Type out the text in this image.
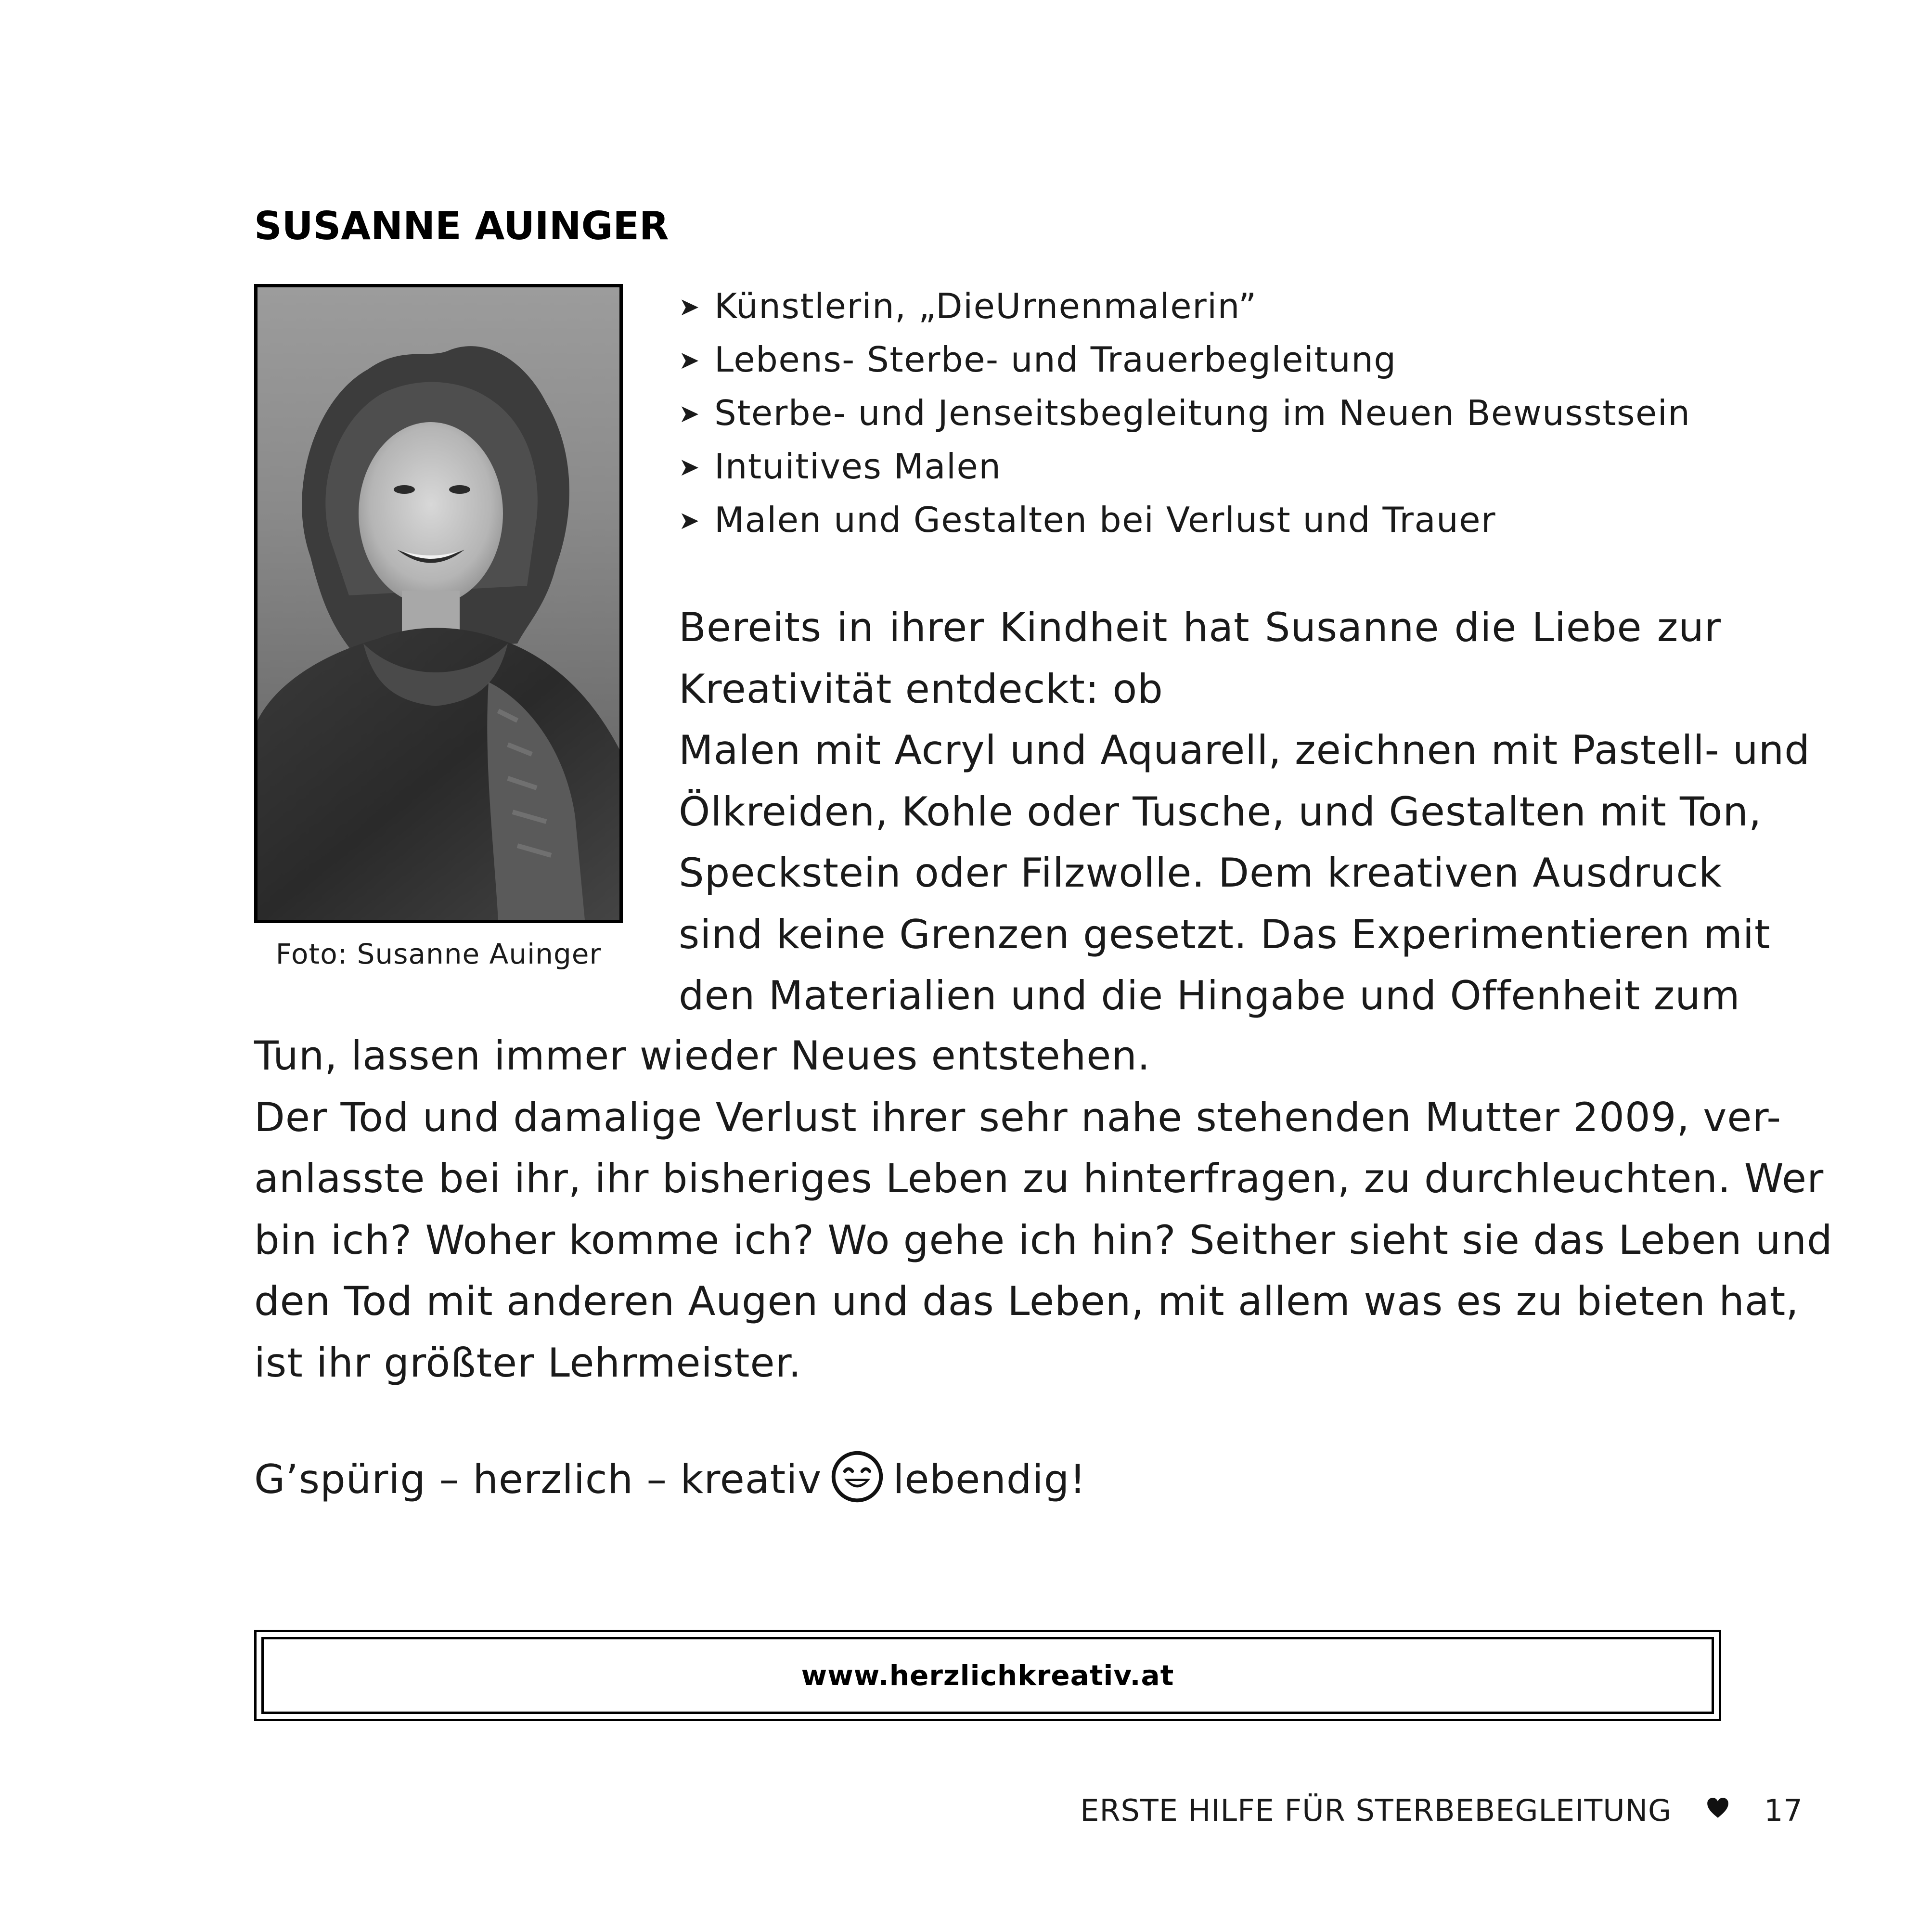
SUSANNE AUINGER
Foto: Susanne Auinger
➤ Künstlerin, „DieUrnenmalerin”
➤ Lebens- Sterbe- und Trauerbegleitung
➤ Sterbe- und Jenseitsbegleitung im Neuen Bewusstsein
➤ Intuitives Malen
➤ Malen und Gestalten bei Verlust und Trauer
Bereits in ihrer Kindheit hat Susanne die Liebe zur
Kreativität entdeckt: ob
Malen mit Acryl und Aquarell, zeichnen mit Pastell- und
Ölkreiden, Kohle oder Tusche, und Gestalten mit Ton,
Speckstein oder Filzwolle. Dem kreativen Ausdruck
sind keine Grenzen gesetzt. Das Experimentieren mit
den Materialien und die Hingabe und Offenheit zum
Tun, lassen immer wieder Neues entstehen.
Der Tod und damalige Verlust ihrer sehr nahe stehenden Mutter 2009, ver-
anlasste bei ihr, ihr bisheriges Leben zu hinterfragen, zu durchleuchten. Wer
bin ich? Woher komme ich? Wo gehe ich hin? Seither sieht sie das Leben und
den Tod mit anderen Augen und das Leben, mit allem was es zu bieten hat,
ist ihr größter Lehrmeister.
G’spürig – herzlich – kreativ lebendig!
www.herzlichkreativ.at
ERSTE HILFE FÜR STERBEBEGLEITUNG	17
